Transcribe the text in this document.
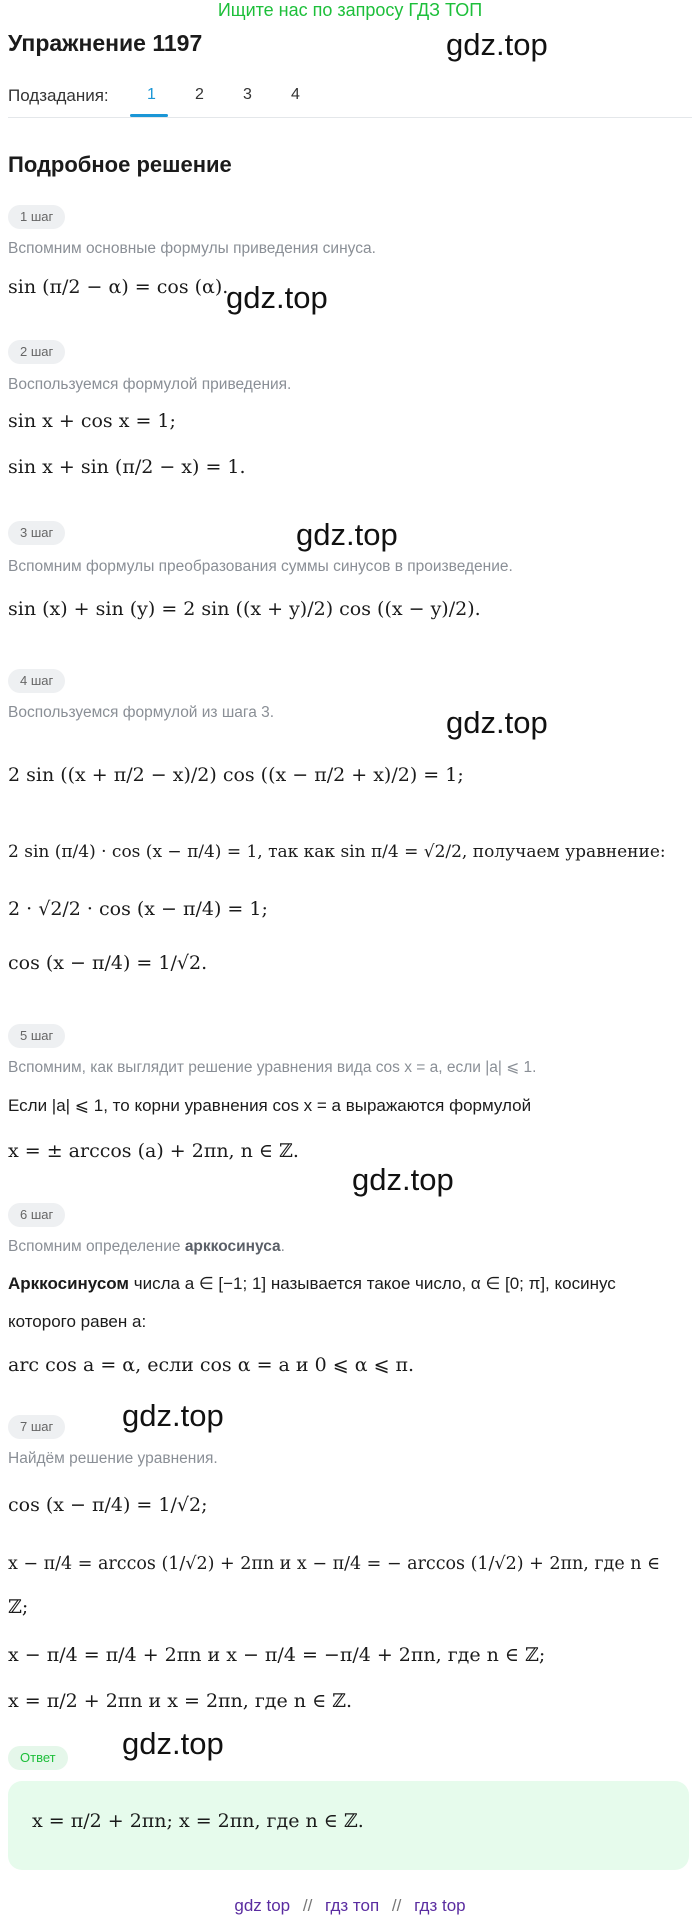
Ищите нас по запросу ГДЗ ТОП
Упражнение 1197	gdz.top
gdz.top
gdz.top
gdz.top
gdz.top
gdz.top
gdz.top
Подзадания: 1 2 3 4
Подробное решение
1 шаг
Вспомним основные формулы приведения синуса.
sin (π/2 − α) = cos (α).
2 шаг
Воспользуемся формулой приведения.
sin x + cos x = 1;
sin x + sin (π/2 − x) = 1.
3 шаг
Вспомним формулы преобразования суммы синусов в произведение.
sin (x) + sin (y) = 2 sin ((x + y)/2) cos ((x − y)/2).
4 шаг
Воспользуемся формулой из шага 3.
2 sin ((x + π/2 − x)/2) cos ((x − π/2 + x)/2) = 1;
2 sin (π/4) · cos (x − π/4) = 1, так как sin π/4 = √2/2, получаем уравнение:
2 · √2/2 · cos (x − π/4) = 1;
cos (x − π/4) = 1/√2.
5 шаг
Вспомним, как выглядит решение уравнения вида cos x = a, если |a| ⩽ 1.
Если |a| ⩽ 1, то корни уравнения cos x = a выражаются формулой
x = ± arccos (a) + 2πn, n ∈ ℤ.
6 шаг
Вспомним определение арккосинуса.
Арккосинусом числа a ∈ [−1; 1] называется такое число, α ∈ [0; π], косинус
которого равен a:
arc cos a = α, если cos α = a и 0 ⩽ α ⩽ π.
7 шаг
Найдём решение уравнения.
cos (x − π/4) = 1/√2;
x − π/4 = arccos (1/√2) + 2πn и x − π/4 = − arccos (1/√2) + 2πn, где n ∈
ℤ;
x − π/4 = π/4 + 2πn и x − π/4 = −π/4 + 2πn, где n ∈ ℤ;
x = π/2 + 2πn и x = 2πn, где n ∈ ℤ.
Ответ
x = π/2 + 2πn; x = 2πn, где n ∈ ℤ.
gdz top // гдз топ // гдз top
